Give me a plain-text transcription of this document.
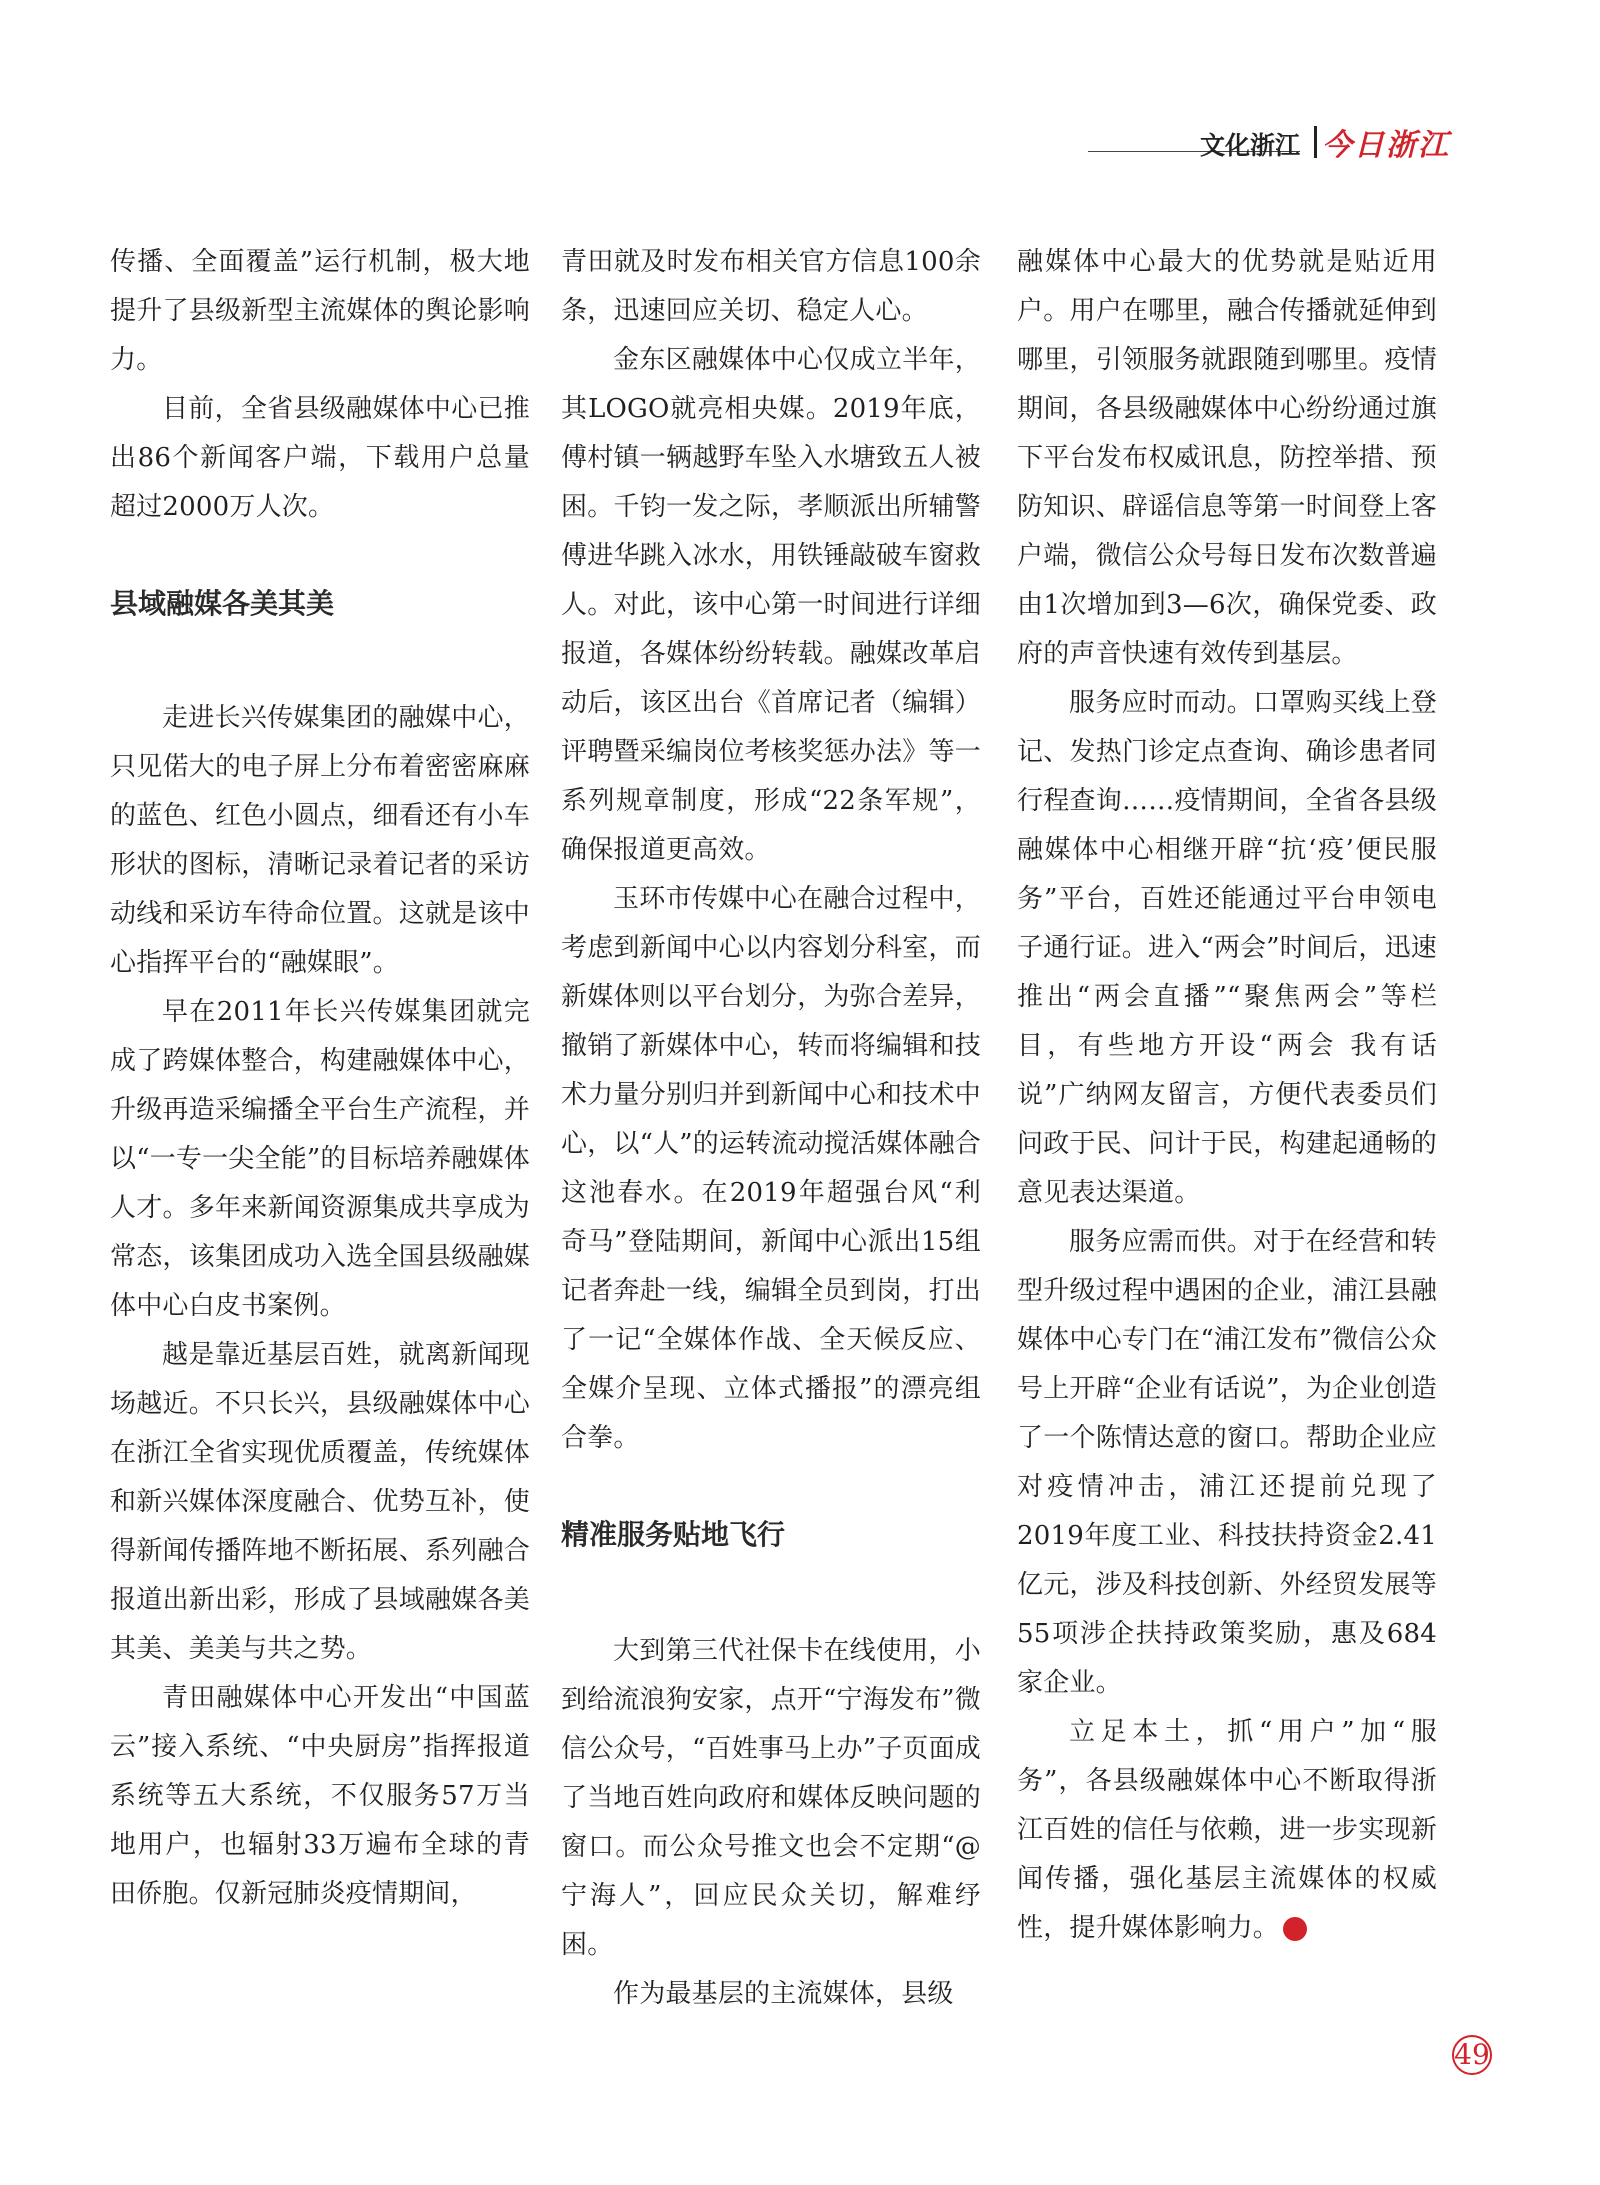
文化浙江 今日浙江

传播、全面覆盖”运行机制，极大地提升了县级新型主流媒体的舆论影响力。

目前，全省县级融媒体中心已推出86个新闻客户端，下载用户总量超过2000万人次。

县域融媒各美其美

走进长兴传媒集团的融媒中心，只见偌大的电子屏上分布着密密麻麻的蓝色、红色小圆点，细看还有小车形状的图标，清晰记录着记者的采访动线和采访车待命位置。这就是该中心指挥平台的“融媒眼”。

早在2011年长兴传媒集团就完成了跨媒体整合，构建融媒体中心，升级再造采编播全平台生产流程，并以“一专一尖全能”的目标培养融媒体人才。多年来新闻资源集成共享成为常态，该集团成功入选全国县级融媒体中心白皮书案例。

越是靠近基层百姓，就离新闻现场越近。不只长兴，县级融媒体中心在浙江全省实现优质覆盖，传统媒体和新兴媒体深度融合、优势互补，使得新闻传播阵地不断拓展、系列融合报道出新出彩，形成了县域融媒各美其美、美美与共之势。

青田融媒体中心开发出“中国蓝云”接入系统、“中央厨房”指挥报道系统等五大系统，不仅服务57万当地用户，也辐射33万遍布全球的青田侨胞。仅新冠肺炎疫情期间，

青田就及时发布相关官方信息100余条，迅速回应关切、稳定人心。

金东区融媒体中心仅成立半年，其LOGO就亮相央媒。2019年底，傅村镇一辆越野车坠入水塘致五人被困。千钧一发之际，孝顺派出所辅警傅进华跳入冰水，用铁锤敲破车窗救人。对此，该中心第一时间进行详细报道，各媒体纷纷转载。融媒改革启动后，该区出台《首席记者（编辑）评聘暨采编岗位考核奖惩办法》等一系列规章制度，形成“22条军规”，确保报道更高效。

玉环市传媒中心在融合过程中，考虑到新闻中心以内容划分科室，而新媒体则以平台划分，为弥合差异，撤销了新媒体中心，转而将编辑和技术力量分别归并到新闻中心和技术中心，以“人”的运转流动搅活媒体融合这池春水。在2019年超强台风“利奇马”登陆期间，新闻中心派出15组记者奔赴一线，编辑全员到岗，打出了一记“全媒体作战、全天候反应、全媒介呈现、立体式播报”的漂亮组合拳。

精准服务贴地飞行

大到第三代社保卡在线使用，小到给流浪狗安家，点开“宁海发布”微信公众号，“百姓事马上办”子页面成了当地百姓向政府和媒体反映问题的窗口。而公众号推文也会不定期“@宁海人”，回应民众关切，解难纾困。

作为最基层的主流媒体，县级

融媒体中心最大的优势就是贴近用户。用户在哪里，融合传播就延伸到哪里，引领服务就跟随到哪里。疫情期间，各县级融媒体中心纷纷通过旗下平台发布权威讯息，防控举措、预防知识、辟谣信息等第一时间登上客户端，微信公众号每日发布次数普遍由1次增加到3—6次，确保党委、政府的声音快速有效传到基层。

服务应时而动。口罩购买线上登记、发热门诊定点查询、确诊患者同行程查询……疫情期间，全省各县级融媒体中心相继开辟“抗‘疫’便民服务”平台，百姓还能通过平台申领电子通行证。进入“两会”时间后，迅速推出“两会直播”“聚焦两会”等栏目，有些地方开设“两会 我有话说”广纳网友留言，方便代表委员们问政于民、问计于民，构建起通畅的意见表达渠道。

服务应需而供。对于在经营和转型升级过程中遇困的企业，浦江县融媒体中心专门在“浦江发布”微信公众号上开辟“企业有话说”，为企业创造了一个陈情达意的窗口。帮助企业应对疫情冲击，浦江还提前兑现了2019年度工业、科技扶持资金2.41亿元，涉及科技创新、外经贸发展等55项涉企扶持政策奖励，惠及684家企业。

立足本土，抓“用户”加“服务”，各县级融媒体中心不断取得浙江百姓的信任与依赖，进一步实现新闻传播，强化基层主流媒体的权威性，提升媒体影响力。	今

49
